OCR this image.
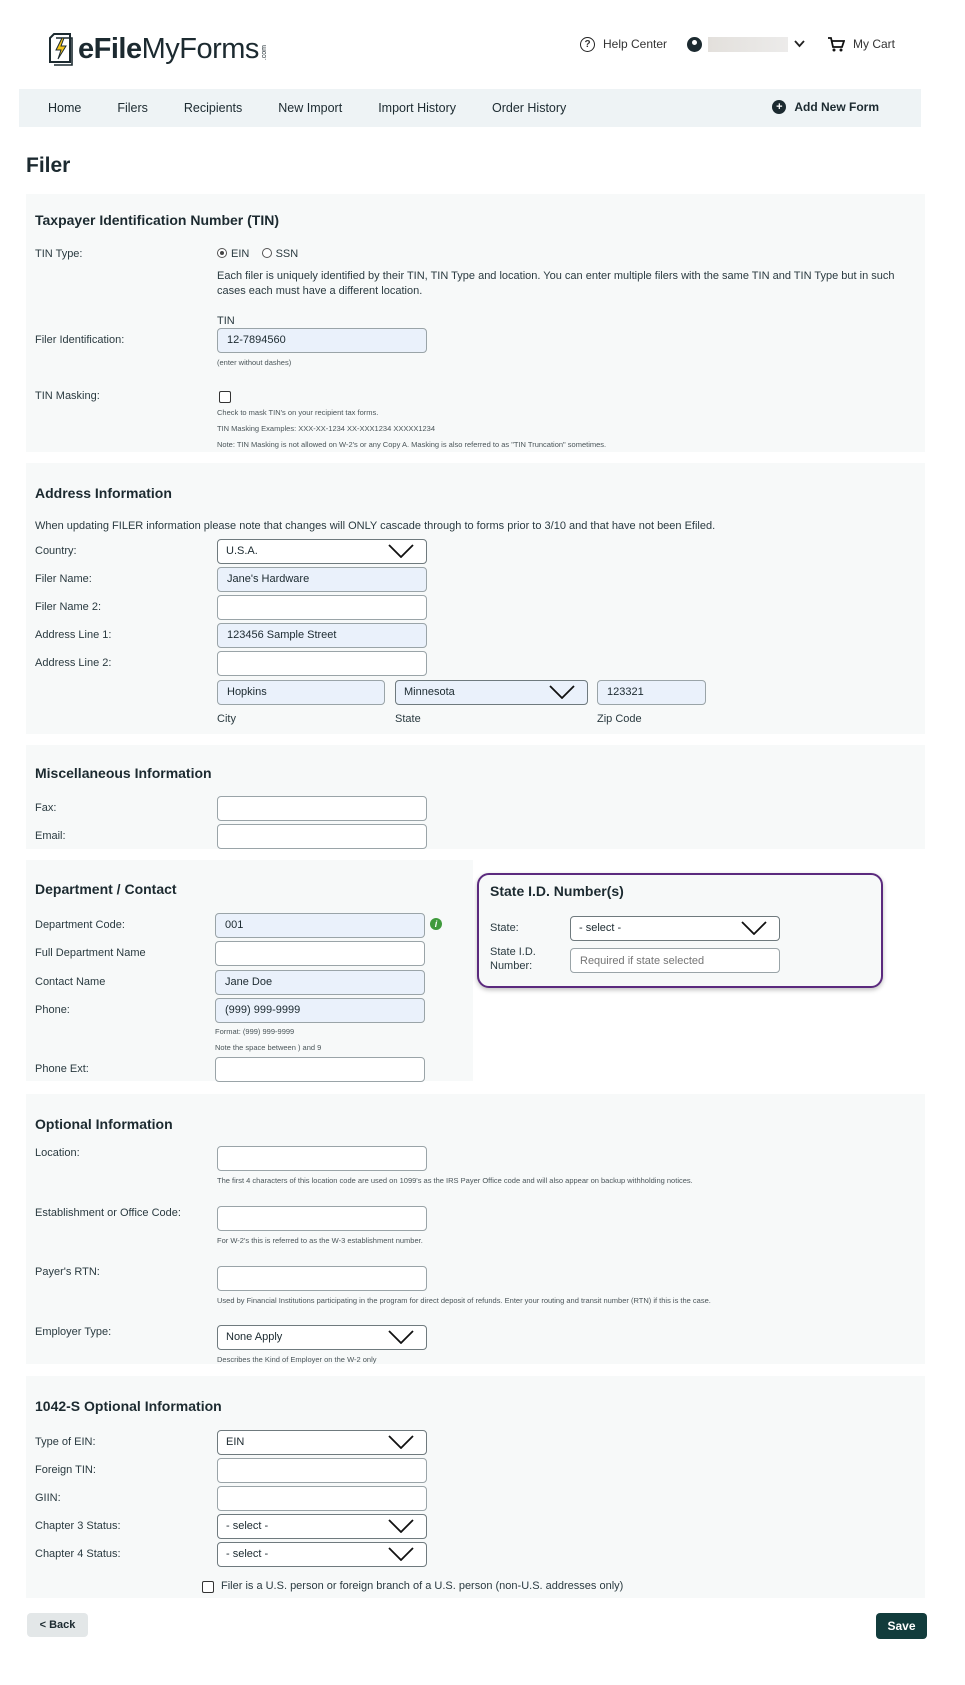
eFile MyForms .com
?	Help Center	My Cart
Home	Filers	Recipients	New Import	Import History	Order History	+ Add New Form
Filer
Taxpayer Identification Number (TIN)
TIN Type:	EIN SSN
Each filer is uniquely identified by their TIN, TIN Type and location. You can enter multiple filers with the same TIN and TIN Type but in such cases each must have a different location.
TIN
Filer Identification:	12-7894560
(enter without dashes)
TIN Masking:
Check to mask TIN's on your recipient tax forms.
TIN Masking Examples: XXX-XX-1234 XX-XXX1234 XXXXX1234
Note: TIN Masking is not allowed on W-2's or any Copy A. Masking is also referred to as "TIN Truncation" sometimes.
Address Information
When updating FILER information please note that changes will ONLY cascade through to forms prior to 3/10 and that have not been Efiled.
Country:	U.S.A.
Filer Name:	Jane's Hardware
Filer Name 2:
Address Line 1:	123456 Sample Street
Address Line 2:
Hopkins	Minnesota	123321
City	State	Zip Code
Miscellaneous Information
Fax:
Email:
Department / Contact
Department Code:	001	i
Full Department Name
Contact Name	Jane Doe
Phone:	(999) 999-9999
Format: (999) 999-9999
Note the space between ) and 9
Phone Ext:
State I.D. Number(s)
State:	- select -
State I.D.
Number:
Required if state selected
Optional Information
Location:
The first 4 characters of this location code are used on 1099's as the IRS Payer Office code and will also appear on backup withholding notices.
Establishment or Office Code:
For W-2's this is referred to as the W-3 establishment number.
Payer's RTN:
Used by Financial Institutions participating in the program for direct deposit of refunds. Enter your routing and transit number (RTN) if this is the case.
Employer Type:	None Apply
Describes the Kind of Employer on the W-2 only
1042-S Optional Information
Type of EIN:	EIN
Foreign TIN:
GIIN:
Chapter 3 Status:	- select -
Chapter 4 Status:	- select -
Filer is a U.S. person or foreign branch of a U.S. person (non-U.S. addresses only)
< Back	Save
